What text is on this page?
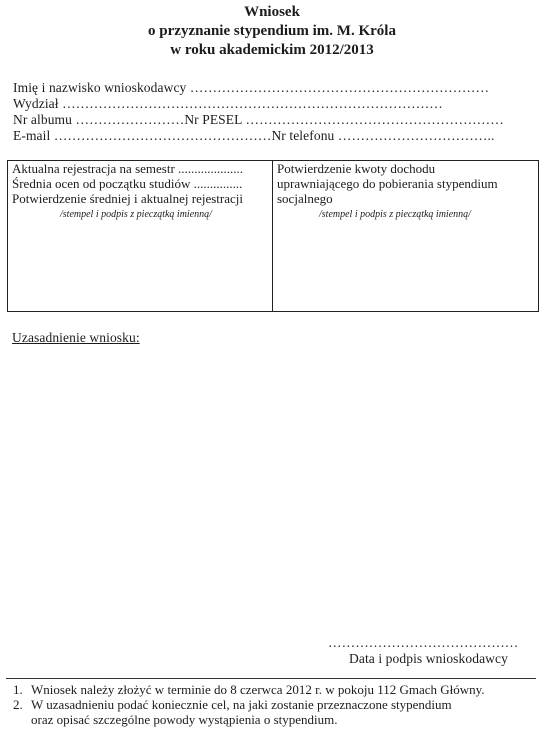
Wniosek
o przyznanie stypendium im. M. Króla
w roku akademickim 2012/2013
Imię i nazwisko wnioskodawcy …………………………………………………………
Wydział …………………………………………………………………………
Nr albumu ……………………Nr PESEL …………………………………………………
E-mail …………………………………………Nr telefonu ……………………………..
Aktualna rejestracja na semestr ....................
Średnia ocen od początku studiów ...............
Potwierdzenie średniej i aktualnej rejestracji
/stempel i podpis z pieczątką imienną/
Potwierdzenie kwoty dochodu
uprawniającego do pobierania stypendium
socjalnego
/stempel i podpis z pieczątką imienną/
Uzasadnienie wniosku:
……………………………………
Data i podpis wnioskodawcy
1. Wniosek należy złożyć w terminie do 8 czerwca 2012 r. w pokoju 112 Gmach Główny.
2. W uzasadnieniu podać koniecznie cel, na jaki zostanie przeznaczone stypendium
oraz opisać szczególne powody wystąpienia o stypendium.
